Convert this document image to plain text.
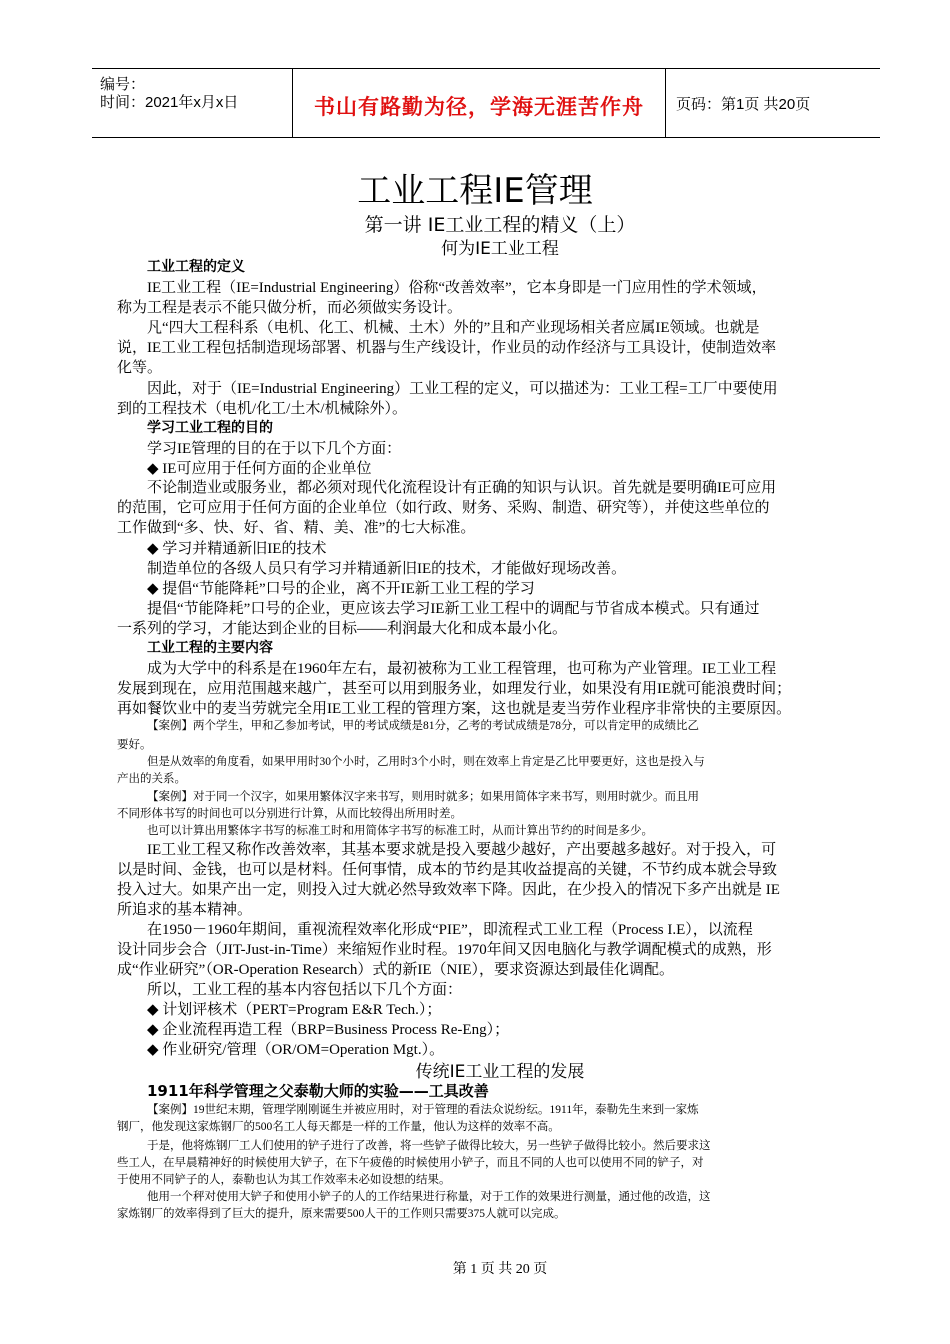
编号：
时间：2021年x月x日	书山有路勤为径，学海无涯苦作舟	页码：第1页 共20页
工业工程IE管理
第一讲 IE工业工程的精义（上）
何为IE工业工程
工业工程的定义
IE工业工程（IE=Industrial Engineering）俗称“改善效率”，它本身即是一门应用性的学术领域，
称为工程是表示不能只做分析，而必须做实务设计。
凡“四大工程科系（电机、化工、机械、土木）外的”且和产业现场相关者应属IE领域。也就是
说，IE工业工程包括制造现场部署、机器与生产线设计，作业员的动作经济与工具设计，使制造效率
化等。
因此，对于（IE=Industrial Engineering）工业工程的定义，可以描述为：工业工程=工厂中要使用
到的工程技术（电机/化工/土木/机械除外）。
学习工业工程的目的
学习IE管理的目的在于以下几个方面：
◆ IE可应用于任何方面的企业单位
不论制造业或服务业，都必须对现代化流程设计有正确的知识与认识。首先就是要明确IE可应用
的范围，它可应用于任何方面的企业单位（如行政、财务、采购、制造、研究等），并使这些单位的
工作做到“多、快、好、省、精、美、准”的七大标准。
◆ 学习并精通新旧IE的技术
制造单位的各级人员只有学习并精通新旧IE的技术，才能做好现场改善。
◆ 提倡“节能降耗”口号的企业，离不开IE新工业工程的学习
提倡“节能降耗”口号的企业，更应该去学习IE新工业工程中的调配与节省成本模式。只有通过
一系列的学习，才能达到企业的目标——利润最大化和成本最小化。
工业工程的主要内容
成为大学中的科系是在1960年左右，最初被称为工业工程管理，也可称为产业管理。IE工业工程
发展到现在，应用范围越来越广，甚至可以用到服务业，如理发行业，如果没有用IE就可能浪费时间；
再如餐饮业中的麦当劳就完全用IE工业工程的管理方案，这也就是麦当劳作业程序非常快的主要原因。
【案例】两个学生，甲和乙参加考试，甲的考试成绩是81分，乙考的考试成绩是78分，可以肯定甲的成绩比乙
要好。
但是从效率的角度看，如果甲用时30个小时，乙用时3个小时，则在效率上肯定是乙比甲要更好，这也是投入与
产出的关系。
【案例】对于同一个汉字，如果用繁体汉字来书写，则用时就多；如果用简体字来书写，则用时就少。而且用
不同形体书写的时间也可以分别进行计算，从而比较得出所用时差。
也可以计算出用繁体字书写的标准工时和用简体字书写的标准工时，从而计算出节约的时间是多少。
IE工业工程又称作改善效率，其基本要求就是投入要越少越好，产出要越多越好。对于投入，可
以是时间、金钱，也可以是材料。任何事情，成本的节约是其收益提高的关键，不节约成本就会导致
投入过大。如果产出一定，则投入过大就必然导致效率下降。因此，在少投入的情况下多产出就是 IE
所追求的基本精神。
在1950－1960年期间，重视流程效率化形成“PIE”，即流程式工业工程（Process I.E），以流程
设计同步会合（JIT-Just-in-Time）来缩短作业时程。1970年间又因电脑化与教学调配模式的成熟，形
成“作业研究”（OR-Operation Research）式的新IE（NIE），要求资源达到最佳化调配。
所以，工业工程的基本内容包括以下几个方面：
◆ 计划评核术（PERT=Program E&R Tech.）；
◆ 企业流程再造工程（BRP=Business Process Re-Eng）；
◆ 作业研究/管理（OR/OM=Operation Mgt.）。
传统IE工业工程的发展
1911年科学管理之父泰勒大师的实验——工具改善
【案例】19世纪末期，管理学刚刚诞生并被应用时，对于管理的看法众说纷纭。1911年，泰勒先生来到一家炼
钢厂，他发现这家炼钢厂的500名工人每天都是一样的工作量，他认为这样的效率不高。
于是，他将炼钢厂工人们使用的铲子进行了改善，将一些铲子做得比较大，另一些铲子做得比较小。然后要求这
些工人，在早晨精神好的时候使用大铲子，在下午疲倦的时候使用小铲子，而且不同的人也可以使用不同的铲子，对
于使用不同铲子的人，泰勒也认为其工作效率未必如设想的结果。
他用一个秤对使用大铲子和使用小铲子的人的工作结果进行称量，对于工作的效果进行测量，通过他的改造，这
家炼钢厂的效率得到了巨大的提升，原来需要500人干的工作则只需要375人就可以完成。
第 1 页 共 20 页
